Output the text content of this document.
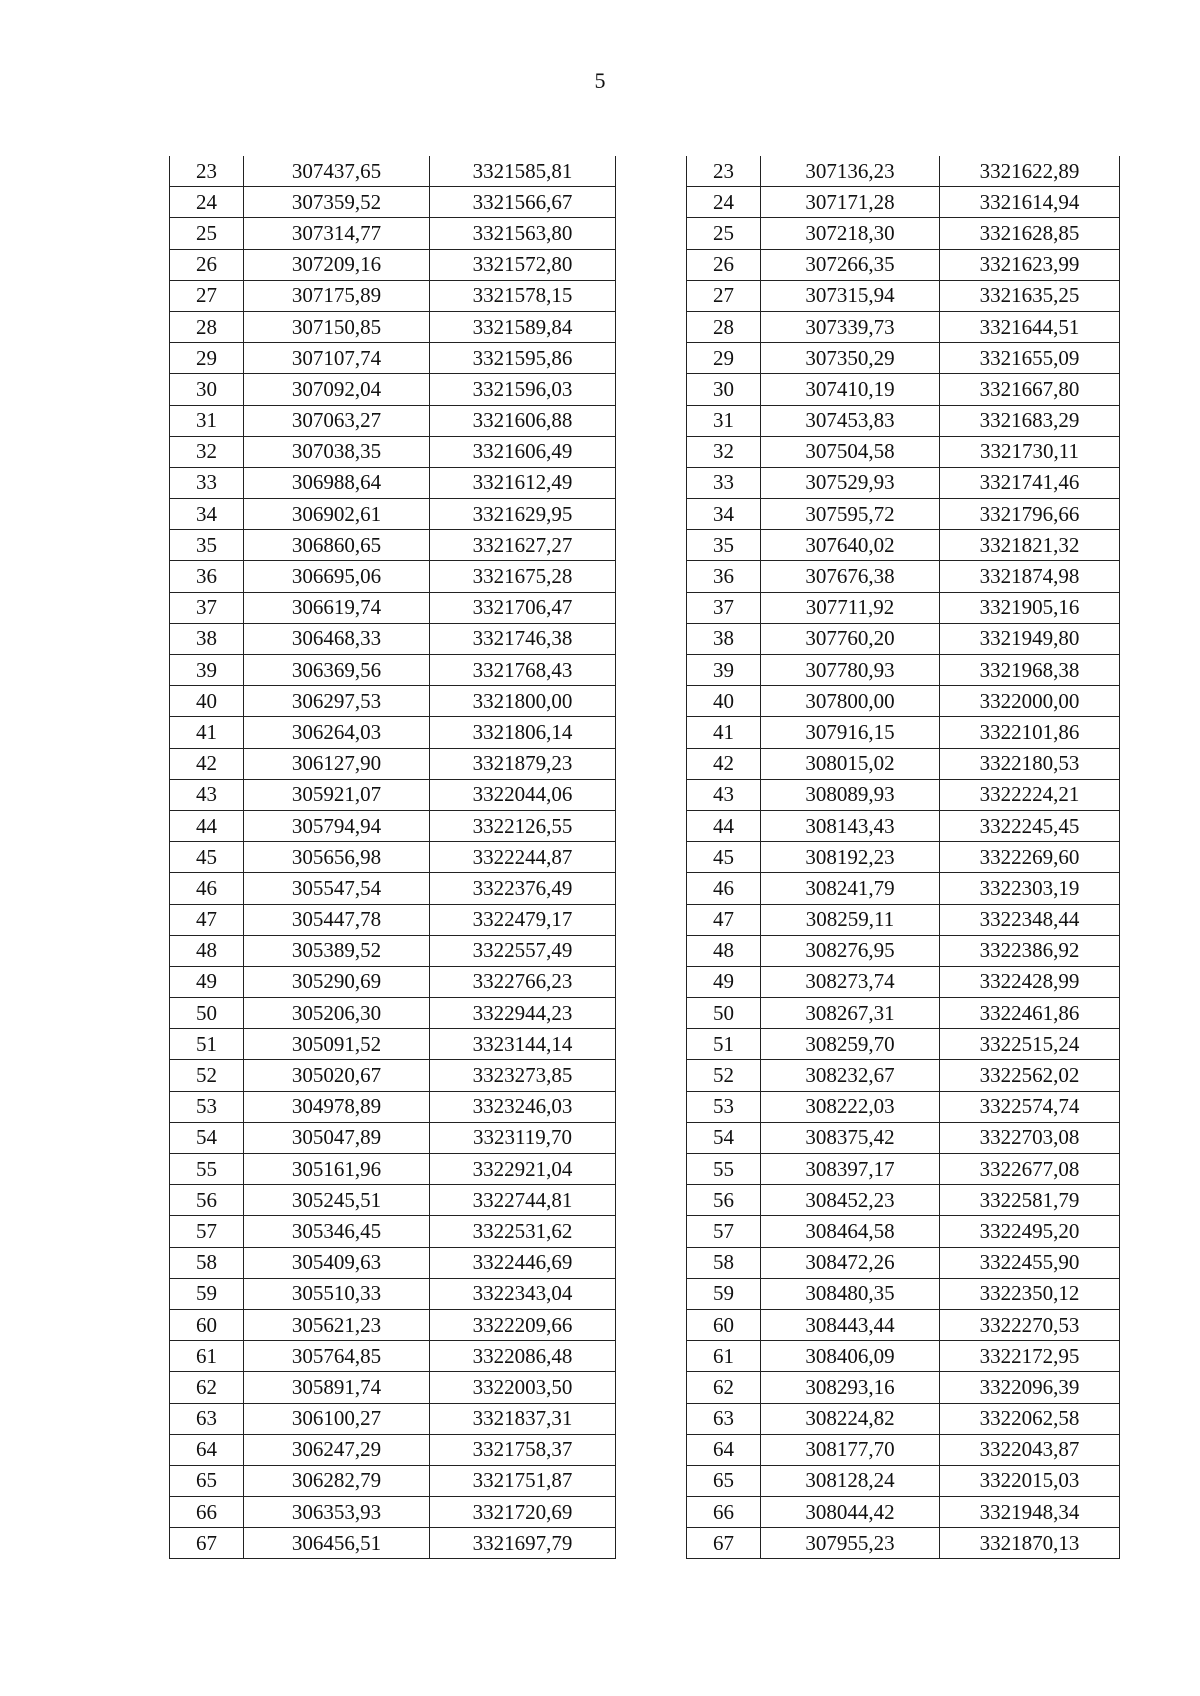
5
23	307437,65	3321585,81
24	307359,52	3321566,67
25	307314,77	3321563,80
26	307209,16	3321572,80
27	307175,89	3321578,15
28	307150,85	3321589,84
29	307107,74	3321595,86
30	307092,04	3321596,03
31	307063,27	3321606,88
32	307038,35	3321606,49
33	306988,64	3321612,49
34	306902,61	3321629,95
35	306860,65	3321627,27
36	306695,06	3321675,28
37	306619,74	3321706,47
38	306468,33	3321746,38
39	306369,56	3321768,43
40	306297,53	3321800,00
41	306264,03	3321806,14
42	306127,90	3321879,23
43	305921,07	3322044,06
44	305794,94	3322126,55
45	305656,98	3322244,87
46	305547,54	3322376,49
47	305447,78	3322479,17
48	305389,52	3322557,49
49	305290,69	3322766,23
50	305206,30	3322944,23
51	305091,52	3323144,14
52	305020,67	3323273,85
53	304978,89	3323246,03
54	305047,89	3323119,70
55	305161,96	3322921,04
56	305245,51	3322744,81
57	305346,45	3322531,62
58	305409,63	3322446,69
59	305510,33	3322343,04
60	305621,23	3322209,66
61	305764,85	3322086,48
62	305891,74	3322003,50
63	306100,27	3321837,31
64	306247,29	3321758,37
65	306282,79	3321751,87
66	306353,93	3321720,69
67	306456,51	3321697,79
23	307136,23	3321622,89
24	307171,28	3321614,94
25	307218,30	3321628,85
26	307266,35	3321623,99
27	307315,94	3321635,25
28	307339,73	3321644,51
29	307350,29	3321655,09
30	307410,19	3321667,80
31	307453,83	3321683,29
32	307504,58	3321730,11
33	307529,93	3321741,46
34	307595,72	3321796,66
35	307640,02	3321821,32
36	307676,38	3321874,98
37	307711,92	3321905,16
38	307760,20	3321949,80
39	307780,93	3321968,38
40	307800,00	3322000,00
41	307916,15	3322101,86
42	308015,02	3322180,53
43	308089,93	3322224,21
44	308143,43	3322245,45
45	308192,23	3322269,60
46	308241,79	3322303,19
47	308259,11	3322348,44
48	308276,95	3322386,92
49	308273,74	3322428,99
50	308267,31	3322461,86
51	308259,70	3322515,24
52	308232,67	3322562,02
53	308222,03	3322574,74
54	308375,42	3322703,08
55	308397,17	3322677,08
56	308452,23	3322581,79
57	308464,58	3322495,20
58	308472,26	3322455,90
59	308480,35	3322350,12
60	308443,44	3322270,53
61	308406,09	3322172,95
62	308293,16	3322096,39
63	308224,82	3322062,58
64	308177,70	3322043,87
65	308128,24	3322015,03
66	308044,42	3321948,34
67	307955,23	3321870,13
